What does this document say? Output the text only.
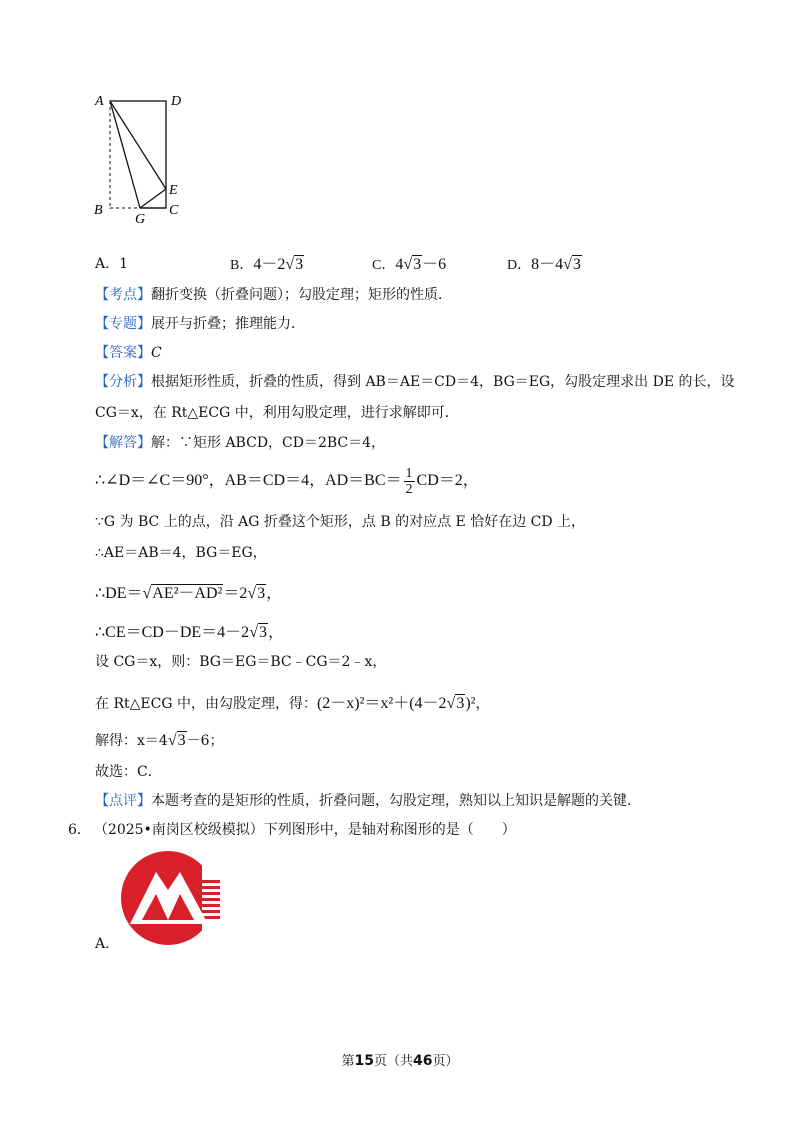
A	D
E
B
G
C
A．1	B．4－2√3	C．4√3－6	D．8－4√3
【考点】翻折变换（折叠问题）；勾股定理；矩形的性质．
【专题】展开与折叠；推理能力．
【答案】C
【分析】根据矩形性质，折叠的性质，得到 AB＝AE＝CD＝4，BG＝EG，勾股定理求出 DE 的长，设
CG＝x，在 Rt△ECG 中，利用勾股定理，进行求解即可．
【解答】解：∵矩形 ABCD，CD＝2BC＝4，
∴∠D＝∠C＝90°，AB＝CD＝4，$AD=BC= \frac{1}{2} CD=2$，
∵G 为 BC 上的点，沿 AG 折叠这个矩形，点 B 的对应点 E 恰好在边 CD 上，
∴AE＝AB＝4，BG＝EG，
∴DE＝√AE²－AD²＝2√3，
∴CE＝CD－DE＝4－2√3，
设 CG＝x，则：BG＝EG＝BC﹣CG＝2﹣x，
在 Rt△ECG 中，由勾股定理，得：(2－x)²＝x²＋(4－2√3)²，
解得：x＝4√3－6；
故选：C．
【点评】本题考查的是矩形的性质，折叠问题，勾股定理，熟知以上知识是解题的关键．
6． （2025•南岗区校级模拟）下列图形中，是轴对称图形的是（　　）
A．
第15页（共46页）
